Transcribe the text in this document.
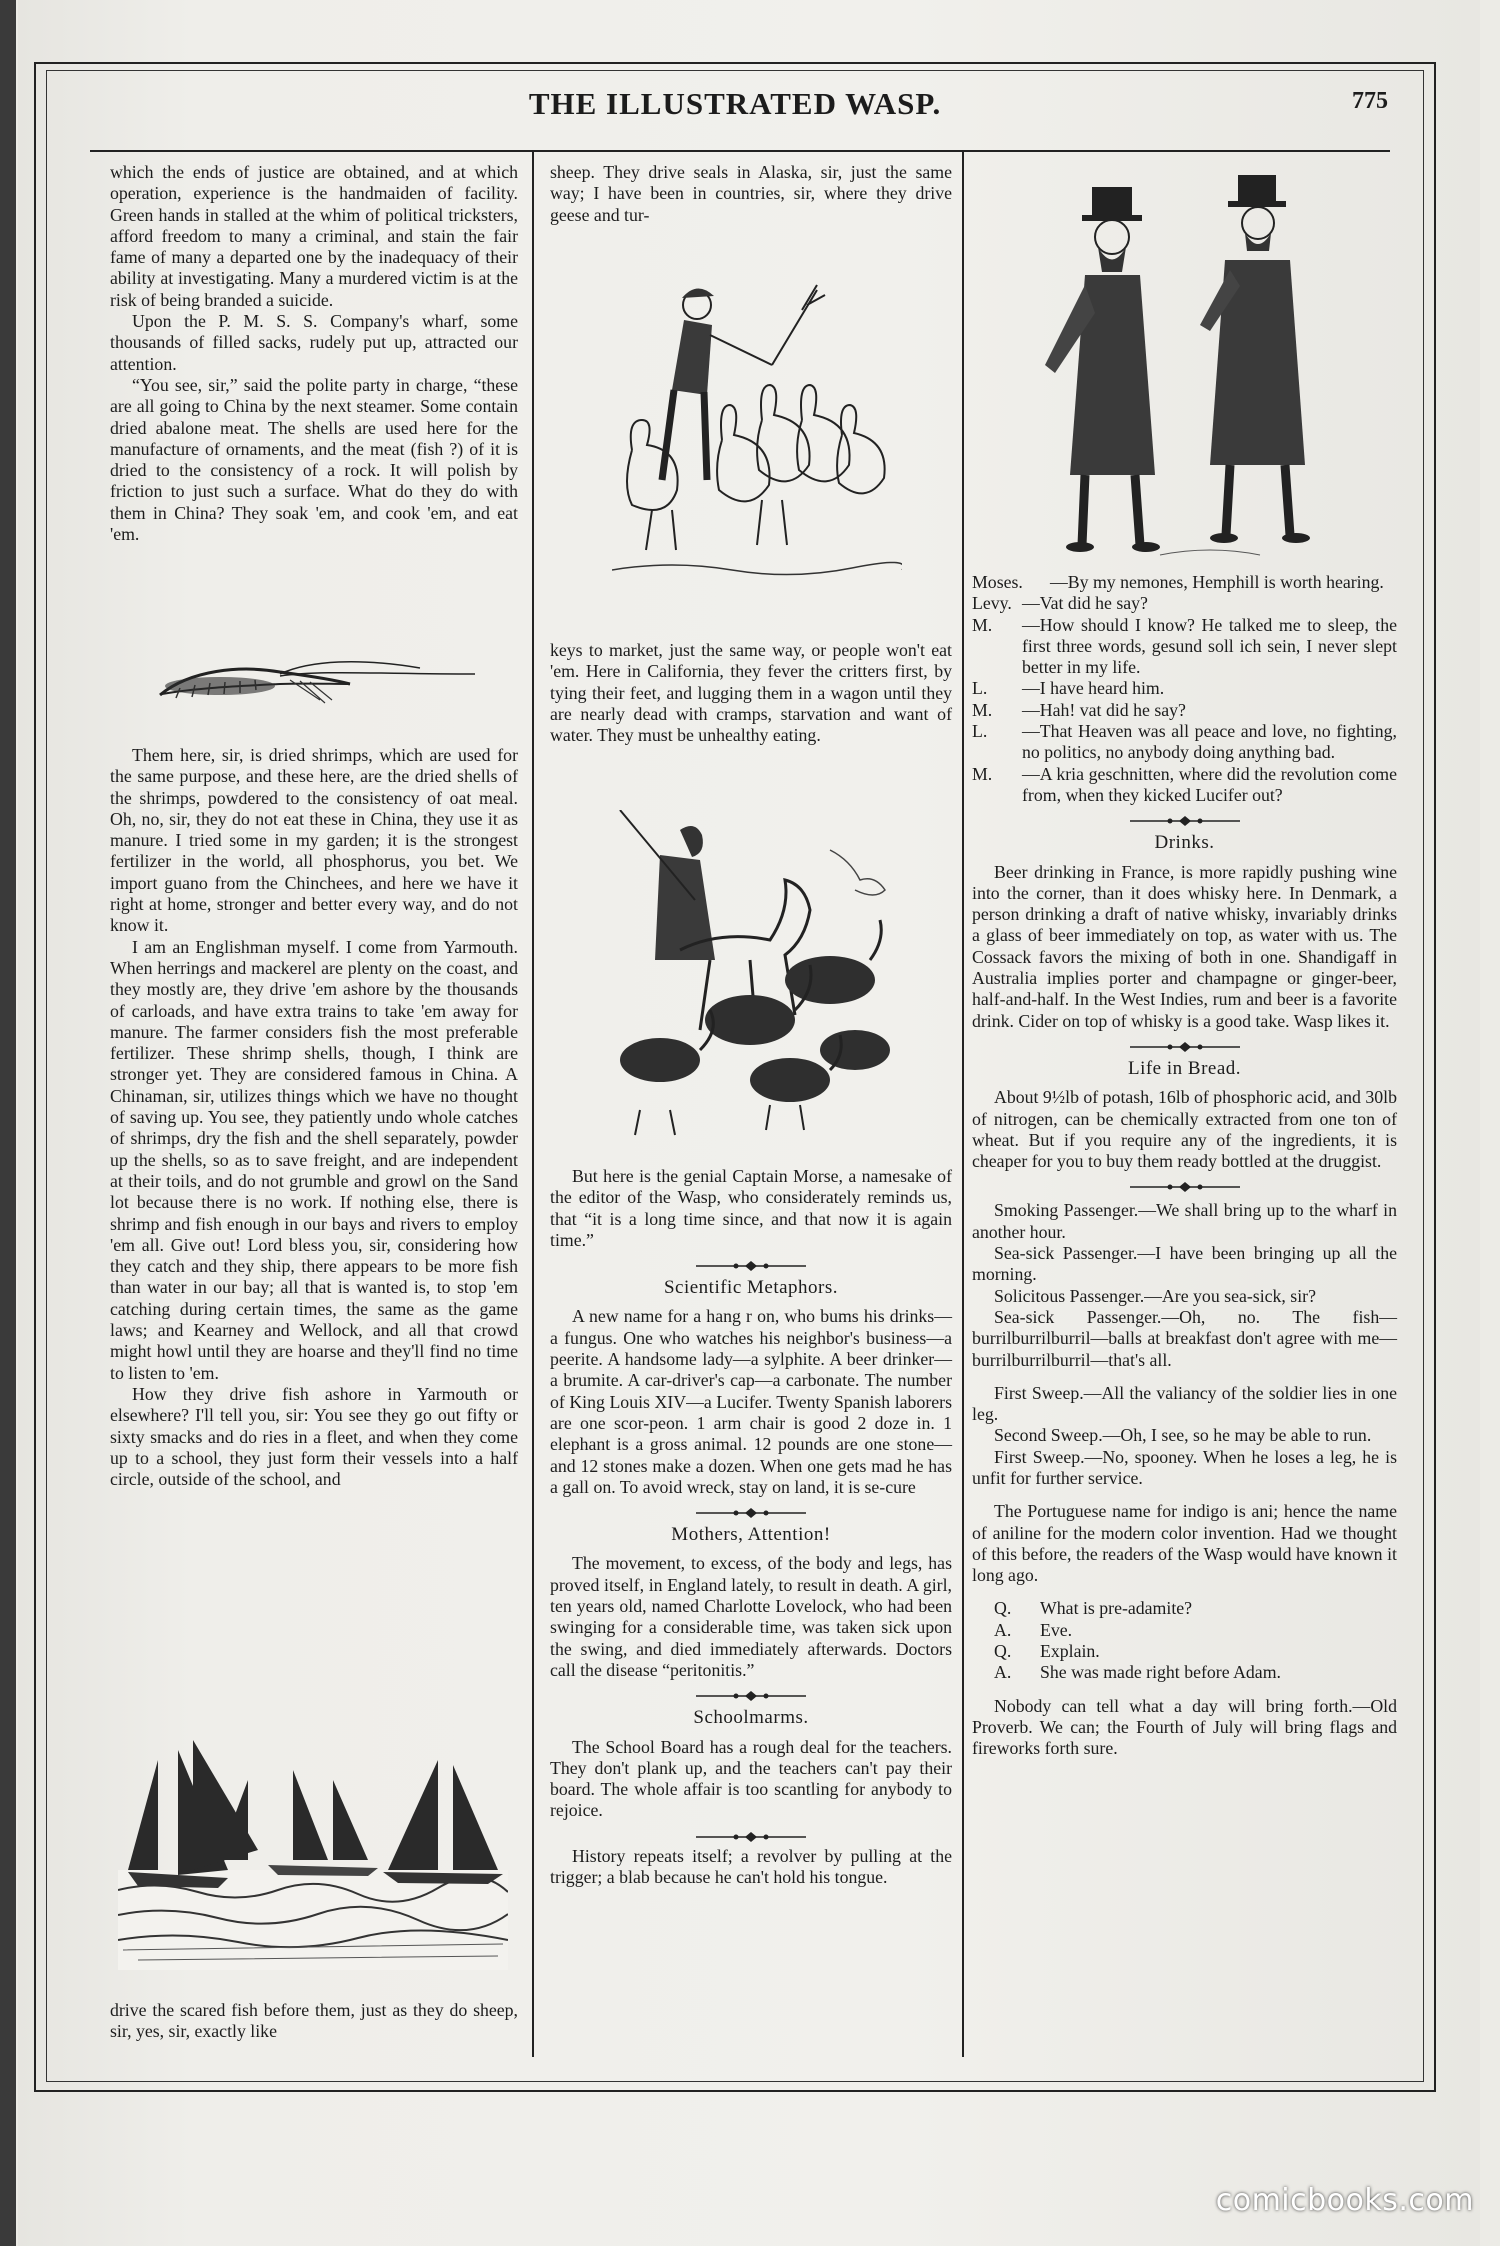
THE ILLUSTRATED WASP.	775

which the ends of justice are obtained, and at which operation, experience is the handmaiden of facility. Green hands in stalled at the whim of political tricksters, afford freedom to many a criminal, and stain the fair fame of many a departed one by the inadequacy of their ability at investigating. Many a murdered victim is at the risk of being branded a suicide.

Upon the P. M. S. S. Company's wharf, some thousands of filled sacks, rudely put up, attracted our attention.

“You see, sir,” said the polite party in charge, “these are all going to China by the next steamer. Some contain dried abalone meat. The shells are used here for the manufacture of ornaments, and the meat (fish ?) of it is dried to the consistency of a rock. It will polish by friction to just such a surface. What do they do with them in China? They soak 'em, and cook 'em, and eat 'em.

Them here, sir, is dried shrimps, which are used for the same purpose, and these here, are the dried shells of the shrimps, powdered to the consistency of oat meal. Oh, no, sir, they do not eat these in China, they use it as manure. I tried some in my garden; it is the strongest fertilizer in the world, all phosphorus, you bet. We import guano from the Chinchees, and here we have it right at home, stronger and better every way, and do not know it.

I am an Englishman myself. I come from Yarmouth. When herrings and mackerel are plenty on the coast, and they mostly are, they drive 'em ashore by the thousands of carloads, and have extra trains to take 'em away for manure. The farmer considers fish the most preferable fertilizer. These shrimp shells, though, I think are stronger yet. They are considered famous in China. A Chinaman, sir, utilizes things which we have no thought of saving up. You see, they patiently undo whole catches of shrimps, dry the fish and the shell separately, powder up the shells, so as to save freight, and are independent at their toils, and do not grumble and growl on the Sand lot because there is no work. If nothing else, there is shrimp and fish enough in our bays and rivers to employ 'em all. Give out! Lord bless you, sir, considering how they catch and they ship, there appears to be more fish than water in our bay; all that is wanted is, to stop 'em catching during certain times, the same as the game laws; and Kearney and Wellock, and all that crowd might howl until they are hoarse and they'll find no time to listen to 'em.

How they drive fish ashore in Yarmouth or elsewhere? I'll tell you, sir: You see they go out fifty or sixty smacks and do ries in a fleet, and when they come up to a school, they just form their vessels into a half circle, outside of the school, and

drive the scared fish before them, just as they do sheep, sir, yes, sir, exactly like

sheep. They drive seals in Alaska, sir, just the same way; I have been in countries, sir, where they drive geese and tur-

keys to market, just the same way, or people won't eat 'em. Here in California, they fever the critters first, by tying their feet, and lugging them in a wagon until they are nearly dead with cramps, starvation and want of water. They must be unhealthy eating.

But here is the genial Captain Morse, a namesake of the editor of the Wasp, who considerately reminds us, that “it is a long time since, and that now it is again time.”

Scientific Metaphors.

A new name for a hang r on, who bums his drinks—a fungus. One who watches his neighbor's business—a peerite. A handsome lady—a sylphite. A beer drinker—a brumite. A car-driver's cap—a carbonate. The number of King Louis XIV—a Lucifer. Twenty Spanish laborers are one scor-peon. 1 arm chair is good 2 doze in. 1 elephant is a gross animal. 12 pounds are one stone—and 12 stones make a dozen. When one gets mad he has a gall on. To avoid wreck, stay on land, it is se-cure

Mothers, Attention!

The movement, to excess, of the body and legs, has proved itself, in England lately, to result in death. A girl, ten years old, named Charlotte Lovelock, who had been swinging for a considerable time, was taken sick upon the swing, and died immediately afterwards. Doctors call the disease “peritonitis.”

Schoolmarms.

The School Board has a rough deal for the teachers. They don't plank up, and the teachers can't pay their board. The whole affair is too scantling for anybody to rejoice.

History repeats itself; a revolver by pulling at the trigger; a blab because he can't hold his tongue.

Moses. —By my nemones, Hemphill is worth hearing.

Levy. —Vat did he say?

M. —How should I know? He talked me to sleep, the first three words, gesund soll ich sein, I never slept better in my life.

L. —I have heard him.

M. —Hah! vat did he say?

L. —That Heaven was all peace and love, no fighting, no politics, no anybody doing anything bad.

M. —A kria geschnitten, where did the revolution come from, when they kicked Lucifer out?

Drinks.

Beer drinking in France, is more rapidly pushing wine into the corner, than it does whisky here. In Denmark, a person drinking a draft of native whisky, invariably drinks a glass of beer immediately on top, as water with us. The Cossack favors the mixing of both in one. Shandigaff in Australia implies porter and champagne or ginger-beer, half-and-half. In the West Indies, rum and beer is a favorite drink. Cider on top of whisky is a good take. Wasp likes it.

Life in Bread.

About 9½lb of potash, 16lb of phosphoric acid, and 30lb of nitrogen, can be chemically extracted from one ton of wheat. But if you require any of the ingredients, it is cheaper for you to buy them ready bottled at the druggist.

Smoking Passenger.—We shall bring up to the wharf in another hour.

Sea-sick Passenger.—I have been bringing up all the morning.

Solicitous Passenger.—Are you sea-sick, sir?

Sea-sick Passenger.—Oh, no. The fish—burrilburrilburril—balls at breakfast don't agree with me—burrilburrilburril—that's all.

First Sweep.—All the valiancy of the soldier lies in one leg.

Second Sweep.—Oh, I see, so he may be able to run.

First Sweep.—No, spooney. When he loses a leg, he is unfit for further service.

The Portuguese name for indigo is ani; hence the name of aniline for the modern color invention. Had we thought of this before, the readers of the Wasp would have known it long ago.

Q. What is pre-adamite?

A. Eve.

Q. Explain.

A. She was made right before Adam.

Nobody can tell what a day will bring forth.—Old Proverb. We can; the Fourth of July will bring flags and fireworks forth sure.

comicbooks.com
